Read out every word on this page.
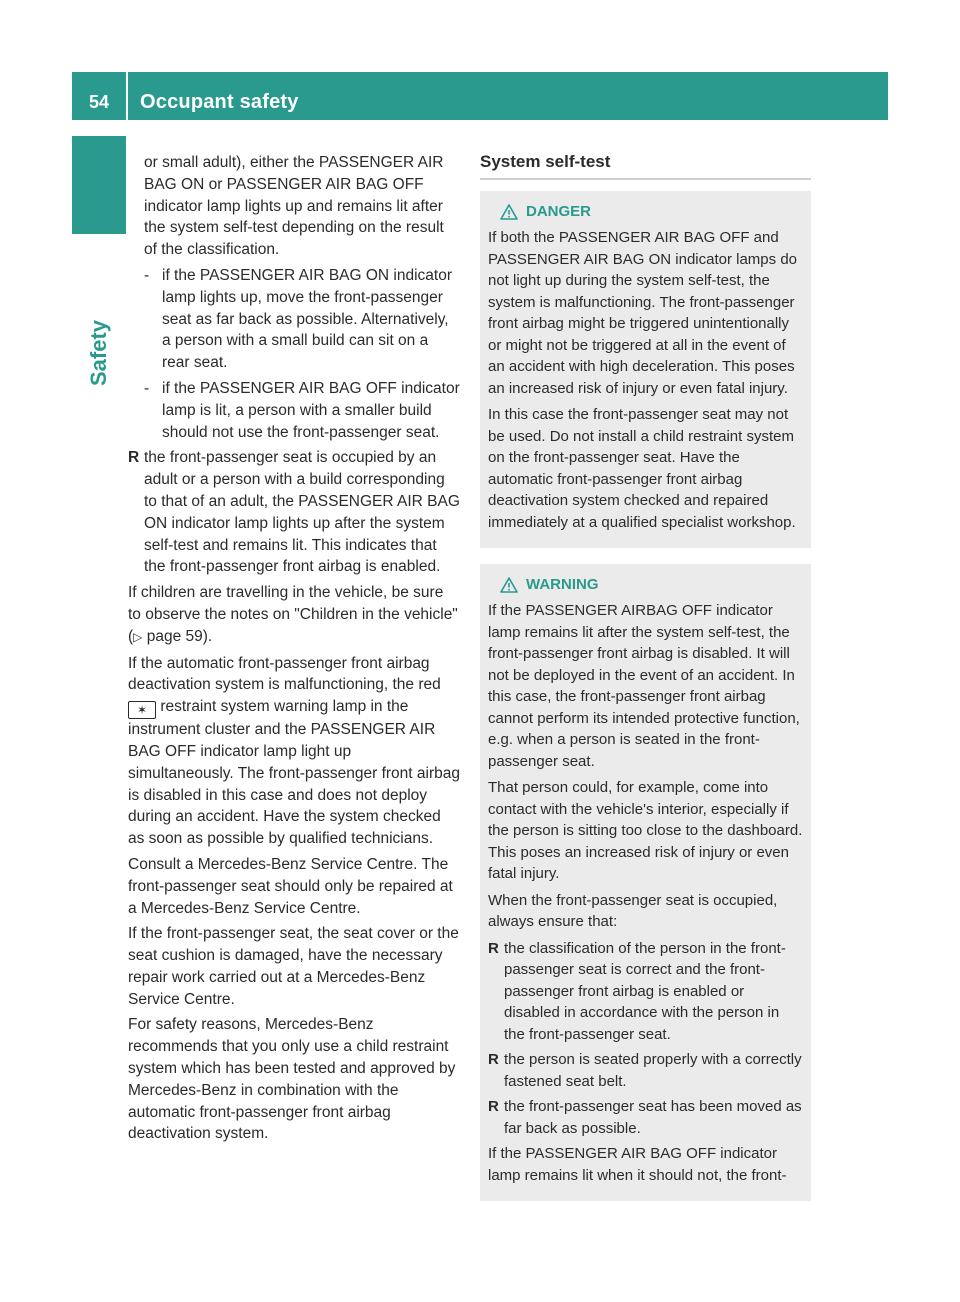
54	Occupant safety
Safety

or small adult), either the PASSENGER AIR BAG ON or PASSENGER AIR BAG OFF indicator lamp lights up and remains lit after the system self-test depending on the result of the classification.

- if the PASSENGER AIR BAG ON indicator lamp lights up, move the front-passenger seat as far back as possible. Alternatively, a person with a small build can sit on a rear seat.
- if the PASSENGER AIR BAG OFF indicator lamp is lit, a person with a smaller build should not use the front-passenger seat.
R the front-passenger seat is occupied by an adult or a person with a build corresponding to that of an adult, the PASSENGER AIR BAG ON indicator lamp lights up after the system self-test and remains lit. This indicates that the front-passenger front airbag is enabled.

If children are travelling in the vehicle, be sure to observe the notes on "Children in the vehicle" (▷ page 59).

If the automatic front-passenger front airbag deactivation system is malfunctioning, the red ✶ restraint system warning lamp in the instrument cluster and the PASSENGER AIR BAG OFF indicator lamp light up simultaneously. The front-passenger front airbag is disabled in this case and does not deploy during an accident. Have the system checked as soon as possible by qualified technicians.

Consult a Mercedes-Benz Service Centre. The front-passenger seat should only be repaired at a Mercedes-Benz Service Centre.

If the front-passenger seat, the seat cover or the seat cushion is damaged, have the necessary repair work carried out at a Mercedes-Benz Service Centre.

For safety reasons, Mercedes-Benz recommends that you only use a child restraint system which has been tested and approved by Mercedes-Benz in combination with the automatic front-passenger front airbag deactivation system.

System self-test
DANGER

If both the PASSENGER AIR BAG OFF and PASSENGER AIR BAG ON indicator lamps do not light up during the system self-test, the system is malfunctioning. The front-passenger front airbag might be triggered unintentionally or might not be triggered at all in the event of an accident with high deceleration. This poses an increased risk of injury or even fatal injury.

In this case the front-passenger seat may not be used. Do not install a child restraint system on the front-passenger seat. Have the automatic front-passenger front airbag deactivation system checked and repaired immediately at a qualified specialist workshop.

WARNING

If the PASSENGER AIRBAG OFF indicator lamp remains lit after the system self-test, the front-passenger front airbag is disabled. It will not be deployed in the event of an accident. In this case, the front-passenger front airbag cannot perform its intended protective function, e.g. when a person is seated in the front-passenger seat.

That person could, for example, come into contact with the vehicle's interior, especially if the person is sitting too close to the dashboard. This poses an increased risk of injury or even fatal injury.

When the front-passenger seat is occupied, always ensure that:

R the classification of the person in the front-passenger seat is correct and the front-passenger front airbag is enabled or disabled in accordance with the person in the front-passenger seat.
R the person is seated properly with a correctly fastened seat belt.
R the front-passenger seat has been moved as far back as possible.

If the PASSENGER AIR BAG OFF indicator lamp remains lit when it should not, the front-
